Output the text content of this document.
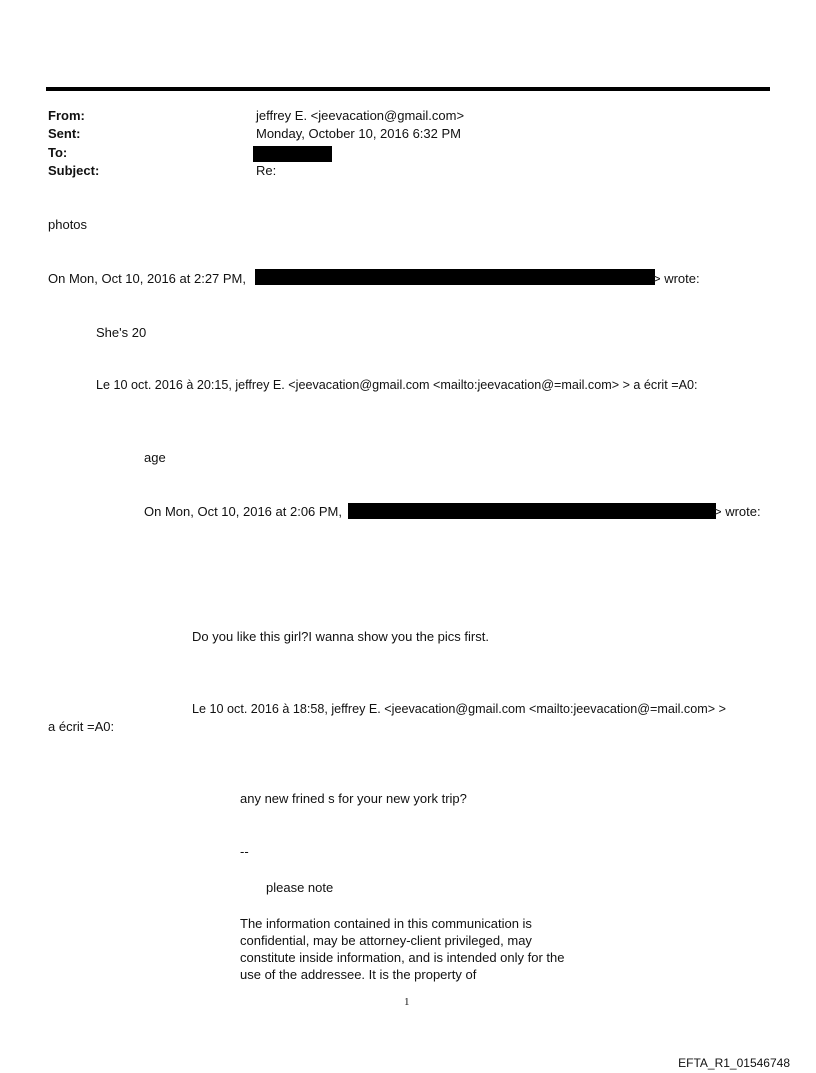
From:	jeffrey E. <jeevacation@gmail.com>
Sent:	Monday, October 10, 2016 6:32 PM
To:
Subject:	Re:
photos
On Mon, Oct 10, 2016 at 2:27 PM,	> wrote:
She's 20
Le 10 oct. 2016 à 20:15, jeffrey E. <jeevacation@gmail.com <mailto:jeevacation@=mail.com> > a écrit =A0:
age
On Mon, Oct 10, 2016 at 2:06 PM,	> wrote:
Do you like this girl?I wanna show you the pics first.
Le 10 oct. 2016 à 18:58, jeffrey E. <jeevacation@gmail.com <mailto:jeevacation@=mail.com> >
a écrit =A0:
any new frined s for your new york trip?
--
please note
The information contained in this communication is confidential, may be attorney-client privileged, may constitute inside information, and is intended only for the use of the addressee. It is the property of
1
EFTA_R1_01546748
